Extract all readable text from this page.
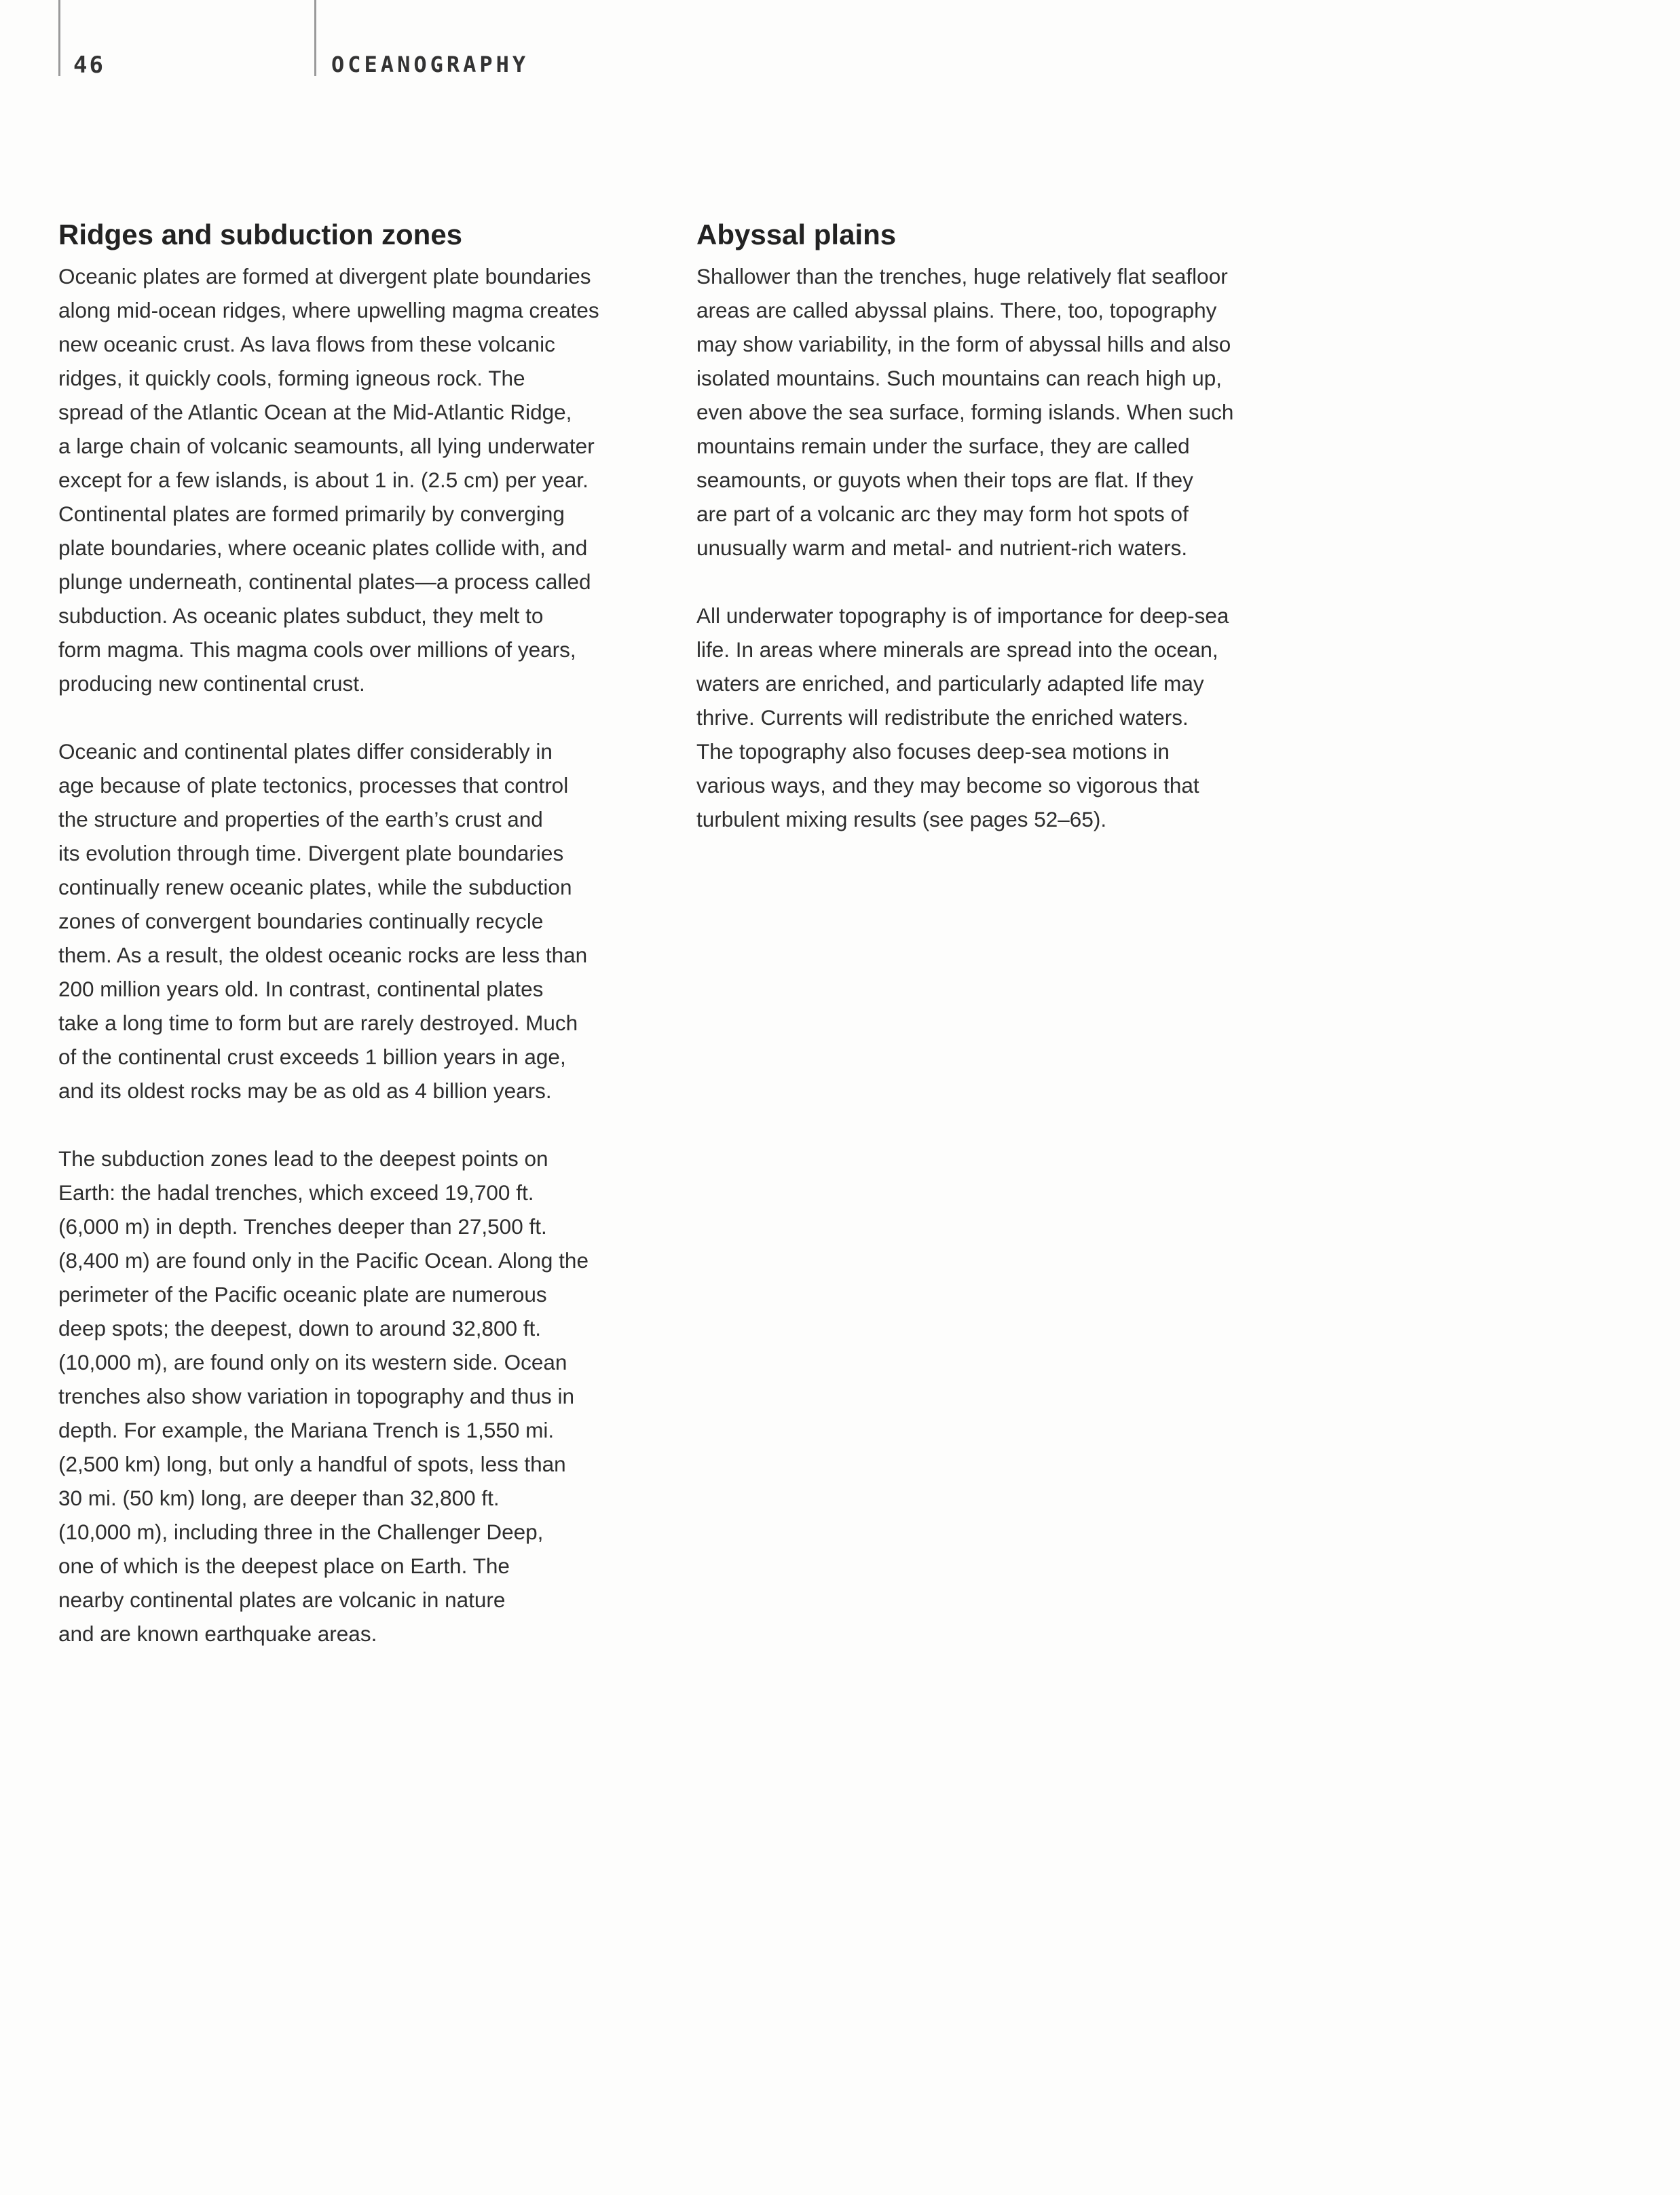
46	OCEANOGRAPHY
Ridges and subduction zones

Oceanic plates are formed at divergent plate boundaries
along mid-ocean ridges, where upwelling magma creates
new oceanic crust. As lava flows from these volcanic
ridges, it quickly cools, forming igneous rock. The
spread of the Atlantic Ocean at the Mid-Atlantic Ridge,
a large chain of volcanic seamounts, all lying underwater
except for a few islands, is about 1 in. (2.5 cm) per year.
Continental plates are formed primarily by converging
plate boundaries, where oceanic plates collide with, and
plunge underneath, continental plates—a process called
subduction. As oceanic plates subduct, they melt to
form magma. This magma cools over millions of years,
producing new continental crust.

Oceanic and continental plates differ considerably in
age because of plate tectonics, processes that control
the structure and properties of the earth’s crust and
its evolution through time. Divergent plate boundaries
continually renew oceanic plates, while the subduction
zones of convergent boundaries continually recycle
them. As a result, the oldest oceanic rocks are less than
200 million years old. In contrast, continental plates
take a long time to form but are rarely destroyed. Much
of the continental crust exceeds 1 billion years in age,
and its oldest rocks may be as old as 4 billion years.

The subduction zones lead to the deepest points on
Earth: the hadal trenches, which exceed 19,700 ft.
(6,000 m) in depth. Trenches deeper than 27,500 ft.
(8,400 m) are found only in the Pacific Ocean. Along the
perimeter of the Pacific oceanic plate are numerous
deep spots; the deepest, down to around 32,800 ft.
(10,000 m), are found only on its western side. Ocean
trenches also show variation in topography and thus in
depth. For example, the Mariana Trench is 1,550 mi.
(2,500 km) long, but only a handful of spots, less than
30 mi. (50 km) long, are deeper than 32,800 ft.
(10,000 m), including three in the Challenger Deep,
one of which is the deepest place on Earth. The
nearby continental plates are volcanic in nature
and are known earthquake areas.

Abyssal plains

Shallower than the trenches, huge relatively flat seafloor
areas are called abyssal plains. There, too, topography
may show variability, in the form of abyssal hills and also
isolated mountains. Such mountains can reach high up,
even above the sea surface, forming islands. When such
mountains remain under the surface, they are called
seamounts, or guyots when their tops are flat. If they
are part of a volcanic arc they may form hot spots of
unusually warm and metal- and nutrient-rich waters.

All underwater topography is of importance for deep-sea
life. In areas where minerals are spread into the ocean,
waters are enriched, and particularly adapted life may
thrive. Currents will redistribute the enriched waters.
The topography also focuses deep-sea motions in
various ways, and they may become so vigorous that
turbulent mixing results (see pages 52–65).
